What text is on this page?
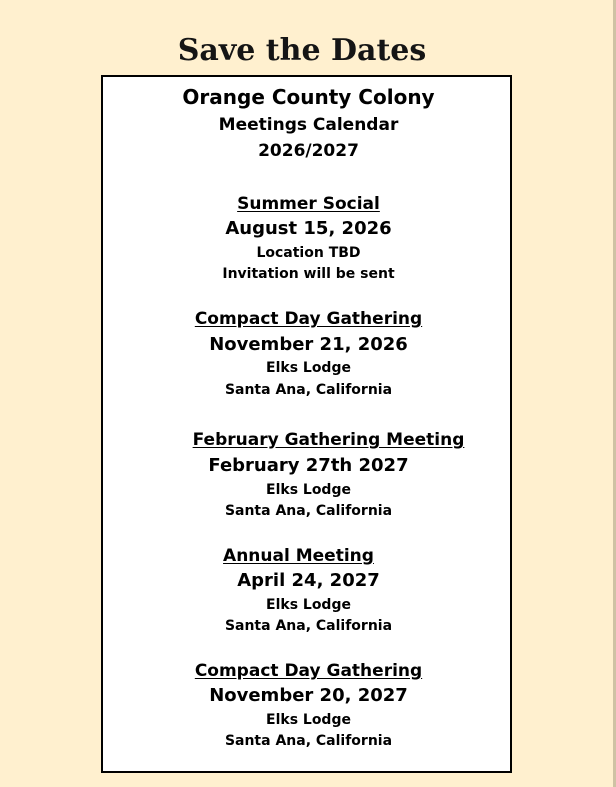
Save the Dates
Orange County Colony
Meetings Calendar
2026/2027
Summer Social
August 15, 2026
Location TBD
Invitation will be sent
Compact Day Gathering
November 21, 2026
Elks Lodge
Santa Ana, California
February Gathering Meeting
February 27th 2027
Elks Lodge
Santa Ana, California
Annual Meeting
April 24, 2027
Elks Lodge
Santa Ana, California
Compact Day Gathering
November 20, 2027
Elks Lodge
Santa Ana, California
